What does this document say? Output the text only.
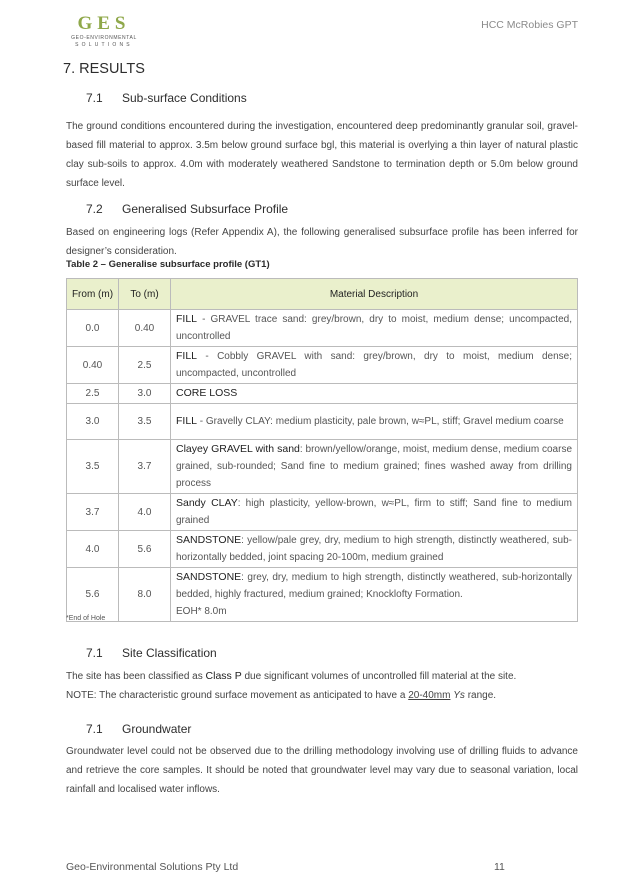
GES
GEO-ENVIRONMENTAL
SOLUTIONS
HCC McRobies GPT
7. RESULTS
7.1 Sub-surface Conditions
The ground conditions encountered during the investigation, encountered deep predominantly granular soil, gravel-based fill material to approx. 3.5m below ground surface bgl, this material is overlying a thin layer of natural plastic clay sub-soils to approx. 4.0m with moderately weathered Sandstone to termination depth or 5.0m below ground surface level.
7.2 Generalised Subsurface Profile
Based on engineering logs (Refer Appendix A), the following generalised subsurface profile has been inferred for designer’s consideration.
Table 2 – Generalise subsurface profile (GT1)
From (m)	To (m)	Material Description
0.0	0.40	FILL - GRAVEL trace sand: grey/brown, dry to moist, medium dense; uncompacted, uncontrolled
0.40	2.5	FILL - Cobbly GRAVEL with sand: grey/brown, dry to moist, medium dense; uncompacted, uncontrolled
2.5	3.0	CORE LOSS
3.0	3.5	FILL - Gravelly CLAY: medium plasticity, pale brown, w≈PL, stiff; Gravel medium coarse
3.5	3.7	Clayey GRAVEL with sand: brown/yellow/orange, moist, medium dense, medium coarse grained, sub-rounded; Sand fine to medium grained; fines washed away from drilling process
3.7	4.0	Sandy CLAY: high plasticity, yellow-brown, w≈PL, firm to stiff; Sand fine to medium grained
4.0	5.6	SANDSTONE: yellow/pale grey, dry, medium to high strength, distinctly weathered, sub-horizontally bedded, joint spacing 20-100m, medium grained
5.6	8.0	SANDSTONE: grey, dry, medium to high strength, distinctly weathered, sub-horizontally bedded, highly fractured, medium grained; Knocklofty Formation.
EOH* 8.0m
*End of Hole
7.1 Site Classification
The site has been classified as Class P due significant volumes of uncontrolled fill material at the site.
NOTE: The characteristic ground surface movement as anticipated to have a 20-40mm Ys range.
7.1 Groundwater
Groundwater level could not be observed due to the drilling methodology involving use of drilling fluids to advance and retrieve the core samples. It should be noted that groundwater level may vary due to seasonal variation, local rainfall and localised water inflows.
Geo-Environmental Solutions Pty Ltd	11
